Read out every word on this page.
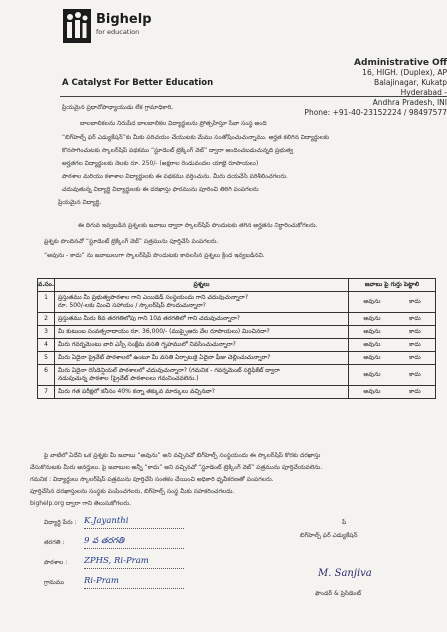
Bighelp
for education
A Catalyst For Better Education
Administrative Off
16, HIGH. (Duplex), AP
Balajinagar, Kukatp
Hyderabad -
Andhra Pradesh, INI
Phone: +91-40-23152224 / 98497577
ప్రియమైన ప్రధానోపాధ్యాయుడు లేక గ్రామాధికారి,
బాలబాలికలను నిరుపేద బాలబాలికల విద్యార్థులను ప్రోత్సహిస్తూ సేవా సంస్థ అంది
“బిగ్‌హెల్ప్ ఫర్ ఎడ్యుకేషన్”కు మీకు పరిచయం చేయుటకు మేము సంతోషించుచున్నాము. అర్హత కలిగిన విద్యార్థులకు
కొనసాగించుటకు స్కాలర్‌షిప్ పథకము “స్టూడెంట్ ట్రెక్కింగ్ వెబ్” ద్వారా అందించబడుచున్నది ప్రభుత్వ
అర్హతగల విద్యార్థులకు నెలకు రూ. 250/- (అక్షరాల రెండువందల యాభై రూపాయలు)
పాఠశాల మరియు కళాశాల విద్యార్థులకు ఈ పథకము వర్తించును. మీరు దయచేసి పరిశీలించగలరు.
చదువుతున్న విద్యార్థి విద్యార్థులకు ఈ దరఖాస్తు ఫారమును పూరించి తిరిగి పంపగలరు
ప్రియమైన విద్యార్థి,
ఈ దిగువ ఇవ్వబడిన ప్రశ్నలకు జవాబు ద్వారా స్కాలర్‌షిప్ పొందుటకు తగిన అర్హతను నిర్ధారించుకోగలరు.
ఫ్రశ్నకు పొందినచో “స్టూడెంట్ ట్రెక్కింగ్ వెబ్” పత్రమును పూర్తిచేసి పంపగలరు.
“అవును - కాదు” ను జవాబులుగా స్కాలర్‌షిప్ పొందుటకు కావలసిన ప్రశ్నలు క్రింద ఇవ్వబడినవి.
వ.సం.	ప్రశ్నలు	జవాబు పై గుర్తు పెట్టాలి
1	ప్రస్తుతము మీ ప్రభుత్వపాఠశాల గాని ఎయిడెడ్ సంస్థయందు గాని చదువుచున్నారా?
రూ. 500/-లకు మించి సహాయం / స్కాలర్‌షిప్ పొందుచున్నారా?
అవును	కాదు
2	ప్రస్తుతము మీరు 8వ తరగతిలోపు గాని 10వ తరగతిలో గాని చదువుచున్నారా?	అవును	కాదు
3	మీ కుటుంబ సంవత్సరాదాయం రూ. 36,000/- (ముప్పైఆరు వేల రూపాయలు) మించినదా?	అవును	కాదు
4	మీరు గవర్నమెంటు వారి ఎస్సీ సంక్షేమ వసతి గృహములో నివసించుచున్నారా?	అవును	కాదు
5	మీరు ఏదైనా ప్రైవేట్ పాఠశాలలో ఉంటూ మీ వసతి ఏర్పాటుకై ఏదైనా ఫీజు చెల్లించుచున్నారా?	అవును	కాదు
6	మీరు ఏదైనా రెసిడెన్షియల్ పాఠశాలలో చదువుచున్నారా? (గమనిక - గవర్నమెంట్ సర్టిఫికేట్ ద్వారా
నడుపుచున్న పాఠశాల (ప్రైవేట్ పాఠశాలలు గమనించవలెను.)
అవును	కాదు
7	మీరు గత పరీక్షలో కనీసం 40% కన్నా తక్కువ మార్కులు వచ్చినవా?	అవును	కాదు
పై వాటిలో ఏదేని ఒక ప్రశ్నకు మీ జవాబు “అవును” అని వచ్చినచో బిగ్‌హెల్ప్ సంస్థయందు ఈ స్కాలర్‌షిప్ కొరకు దరఖాస్తు
చేసుకొనుటకు మీరు అనర్హులు. పై జవాబుల అన్నీ “కాదు” అని వచ్చినచో “స్టూడెంట్ ట్రెక్కింగ్ వెబ్” పత్రమును పూర్తిచేయవలెను.
గమనిక : విద్యార్థులు స్కాలర్‌షిప్ పత్రమును పూర్తిచేసి సంతకం చేయించి అధికారి ధృవీకరణతో పంపగలరు.
పూర్తిచేసిన దరఖాస్తులను సంస్థకు పంపించగలరు, బిగ్‌హెల్ప్ సంస్థ మీకు సహకరించగలదు.
bighelp.org ద్వారా గాని తెలుసుకోగలరు.
విద్యార్థి పేరు : K.Jayanthi
తరగతి :	9 వ తరగతి
పాఠశాల :	ZPHS, Ri-Pram
గ్రామము	Ri-Pram
పీ
బిగ్‌హెల్ప్ ఫర్ ఎడ్యుకేషన్
M. Sanjiva
ఫౌండర్ & ప్రెసిడెంట్
